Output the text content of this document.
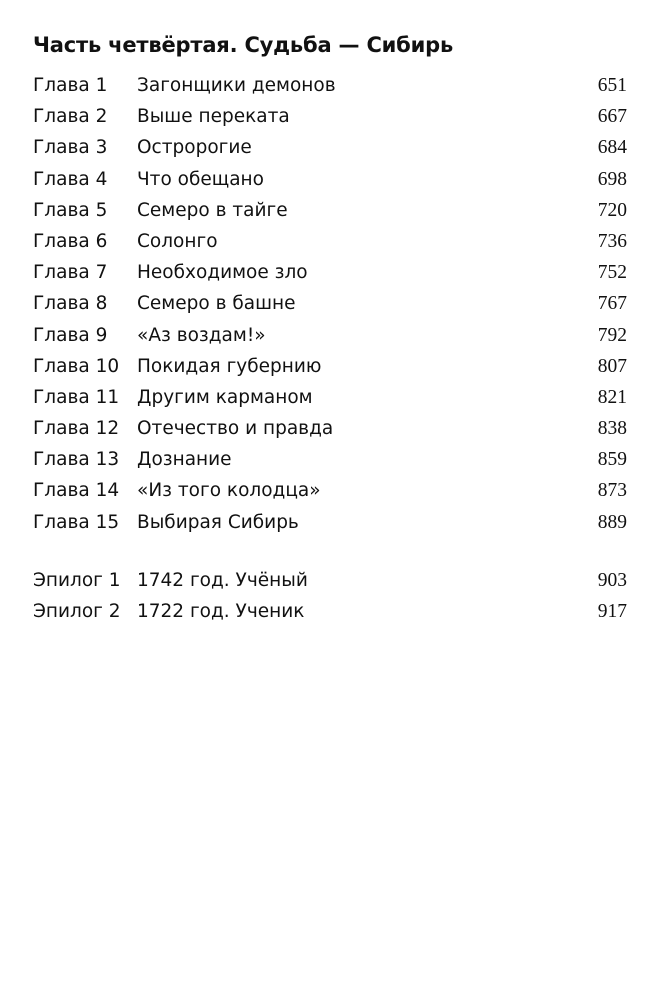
Часть четвёртая. Судьба — Сибирь
Глава 1 Загонщики демонов	651
Глава 2 Выше переката	667
Глава 3 Остророгие	684
Глава 4 Что обещано	698
Глава 5 Семеро в тайге	720
Глава 6 Солонго	736
Глава 7 Необходимое зло	752
Глава 8 Семеро в башне	767
Глава 9 «Аз воздам!»	792
Глава 10 Покидая губернию	807
Глава 11 Другим карманом	821
Глава 12 Отечество и правда	838
Глава 13 Дознание	859
Глава 14 «Из того колодца»	873
Глава 15 Выбирая Сибирь	889
Эпилог 1 1742 год. Учёный	903
Эпилог 2 1722 год. Ученик	917
